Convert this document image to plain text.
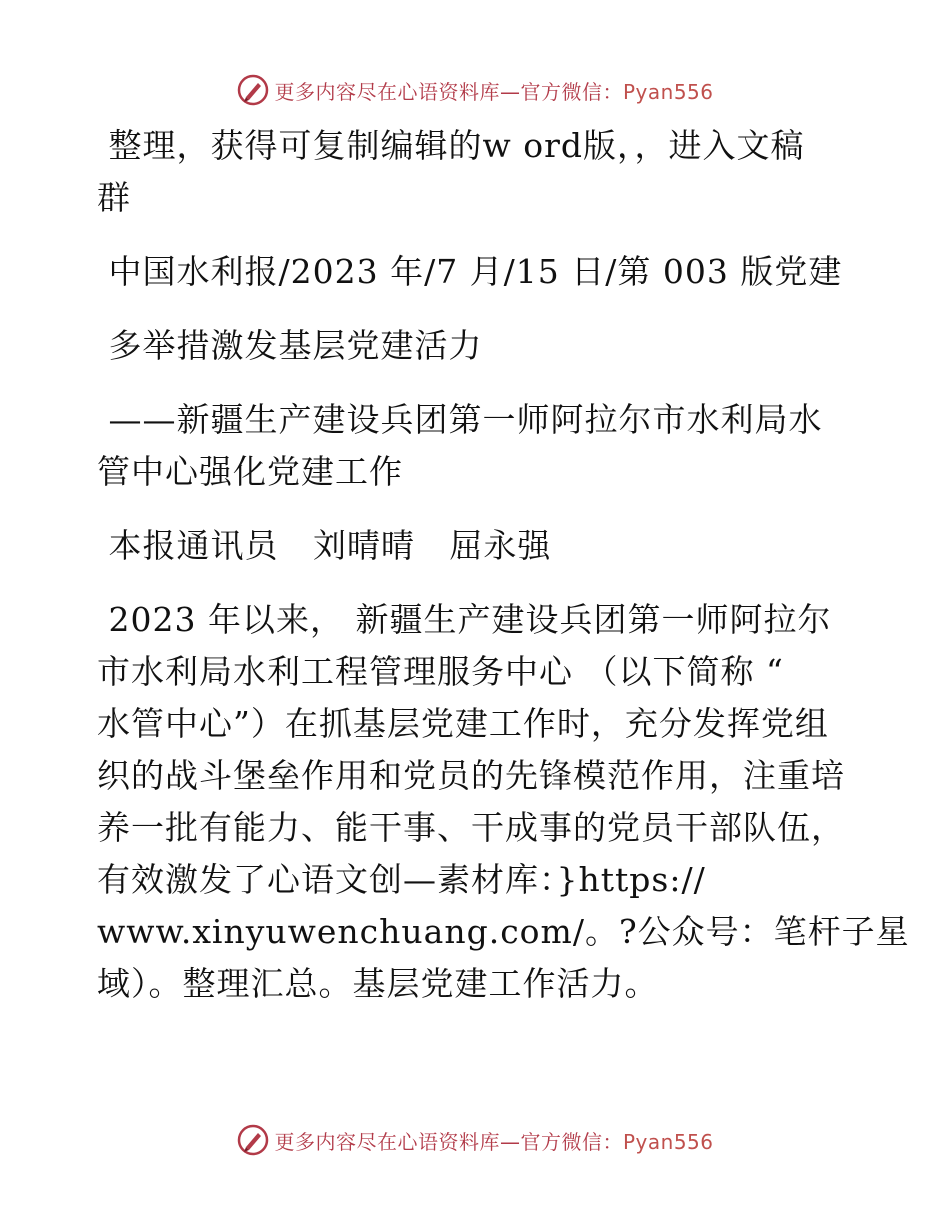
更多内容尽在心语资料库—官方微信：Pyan556
整理，获得可复制编辑的w ord版，，进入文稿
群
中国水利报/2023 年/7 月/15 日/第 003 版党建
多举措激发基层党建活力
——新疆生产建设兵团第一师阿拉尔市水利局水
管中心强化党建工作
本报通讯员   刘晴晴   屈永强
2023 年以来， 新疆生产建设兵团第一师阿拉尔
市水利局水利工程管理服务中心 （以下简称 “
水管中心”）在抓基层党建工作时，充分发挥党组
织的战斗堡垒作用和党员的先锋模范作用，注重培
养一批有能力、能干事、干成事的党员干部队伍，
有效激发了心语文创—素材库：}https://
www.xinyuwenchuang.com/。?公众号：笔杆子星
域）。整理汇总。基层党建工作活力。
更多内容尽在心语资料库—官方微信：Pyan556
